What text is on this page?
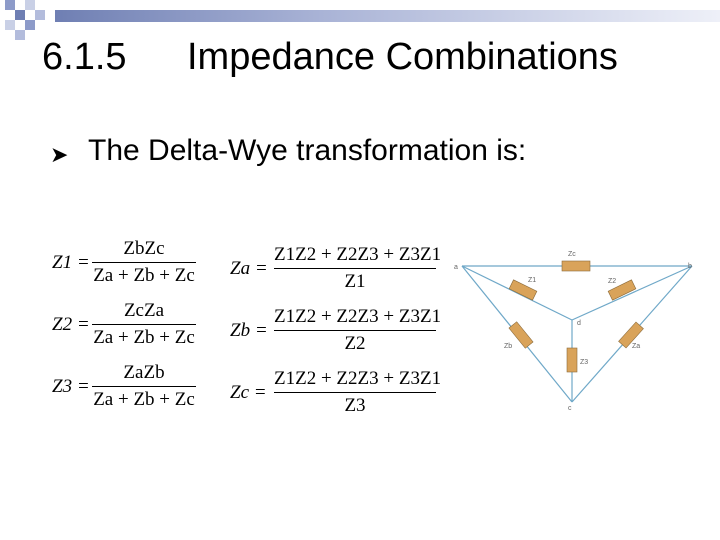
6.1.5 Impedance Combinations
➤ The Delta-Wye transformation is:
Z1 =
ZbZc
Za + Zb + Zc
Z2 =
ZcZa
Za + Zb + Zc
Z3 =
ZaZb
Za + Zb + Zc
Za =
Z1Z2 + Z2Z3 + Z3Z1
Z1
Zb =
Z1Z2 + Z2Z3 + Z3Z1
Z2
Zc =
Z1Z2 + Z2Z3 + Z3Z1
Z3
a	b
d
c
Zc
Z1	Z2
Z3
Zb	Za
